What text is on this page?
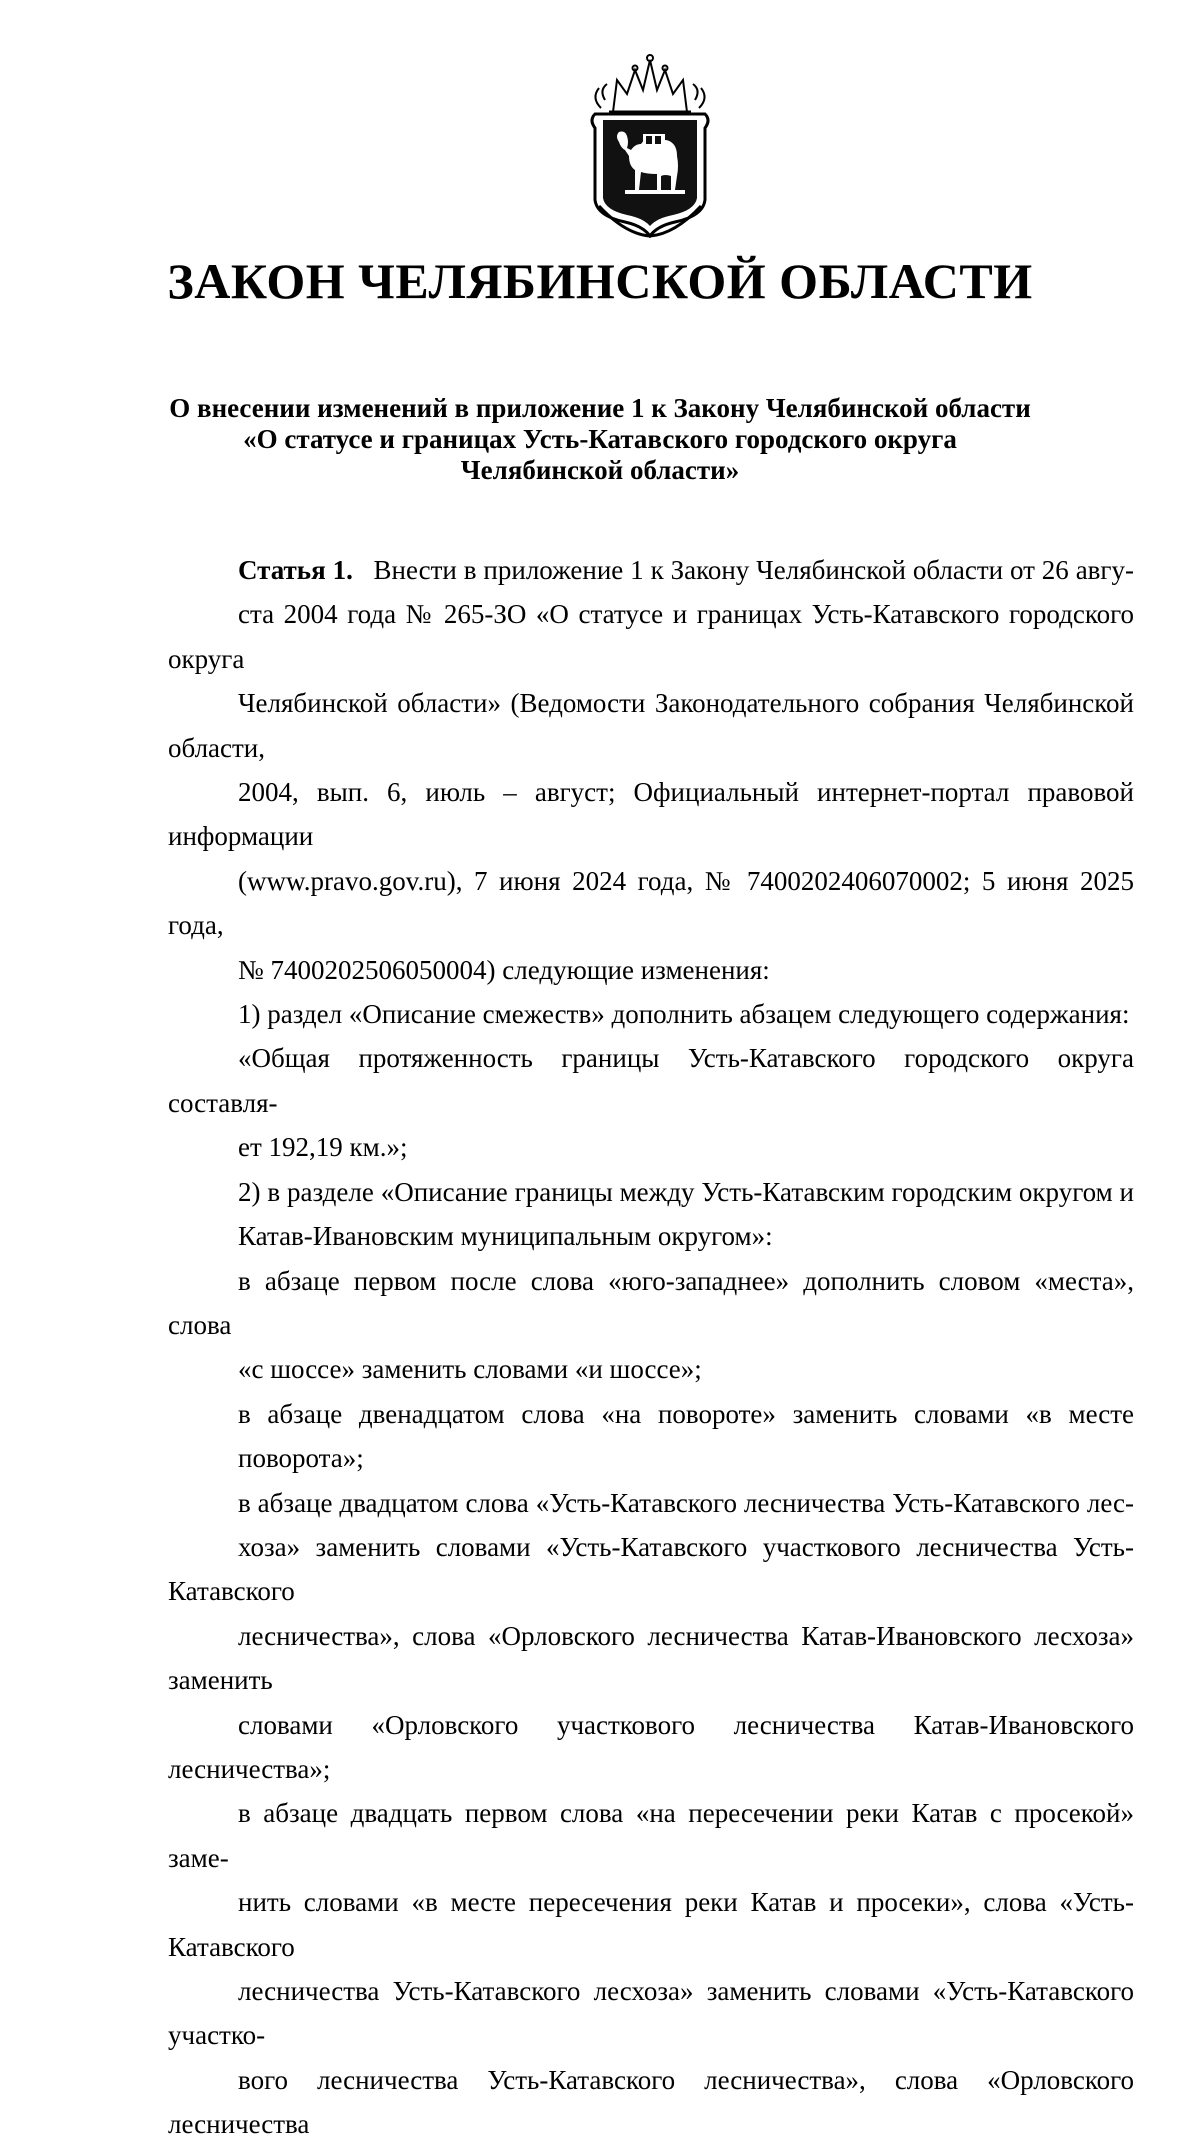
ЗАКОН ЧЕЛЯБИНСКОЙ ОБЛАСТИ
О внесении изменений в приложение 1 к Закону Челябинской области
«О статусе и границах Усть-Катавского городского округа
Челябинской области»
Статья 1. Внести в приложение 1 к Закону Челябинской области от 26 авгу-
ста 2004 года № 265-ЗО «О статусе и границах Усть-Катавского городского округа
Челябинской области» (Ведомости Законодательного собрания Челябинской области,
2004, вып. 6, июль – август; Официальный интернет-портал правовой информации
(www.pravo.gov.ru), 7 июня 2024 года, № 7400202406070002; 5 июня 2025 года,
№ 7400202506050004) следующие изменения:
1) раздел «Описание смежеств» дополнить абзацем следующего содержания:
«Общая протяженность границы Усть-Катавского городского округа составля-
ет 192,19 км.»;
2) в разделе «Описание границы между Усть-Катавским городским округом и
Катав-Ивановским муниципальным округом»:
в абзаце первом после слова «юго-западнее» дополнить словом «места», слова
«с шоссе» заменить словами «и шоссе»;
в абзаце двенадцатом слова «на повороте» заменить словами «в месте
поворота»;
в абзаце двадцатом слова «Усть-Катавского лесничества Усть-Катавского лес-
хоза» заменить словами «Усть-Катавского участкового лесничества Усть-Катавского
лесничества», слова «Орловского лесничества Катав-Ивановского лесхоза» заменить
словами «Орловского участкового лесничества Катав-Ивановского лесничества»;
в абзаце двадцать первом слова «на пересечении реки Катав с просекой» заме-
нить словами «в месте пересечения реки Катав и просеки», слова «Усть-Катавского
лесничества Усть-Катавского лесхоза» заменить словами «Усть-Катавского участко-
вого лесничества Усть-Катавского лесничества», слова «Орловского лесничества
